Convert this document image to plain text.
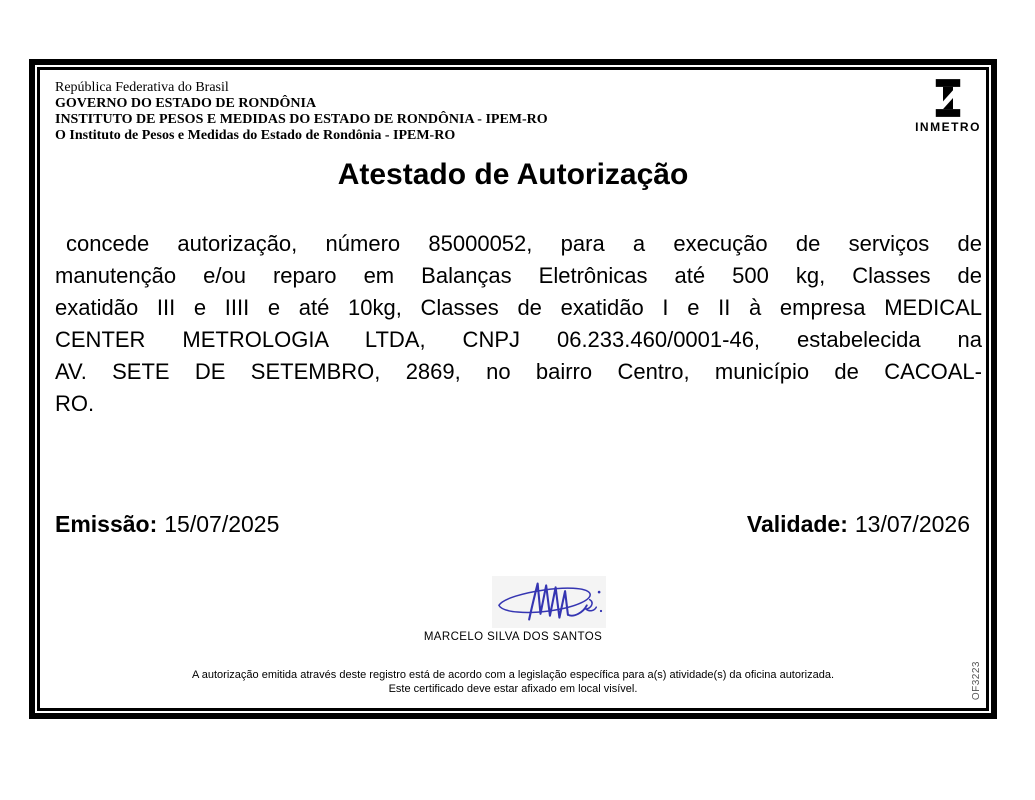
República Federativa do Brasil
GOVERNO DO ESTADO DE RONDÔNIA
INSTITUTO DE PESOS E MEDIDAS DO ESTADO DE RONDÔNIA - IPEM-RO
O Instituto de Pesos e Medidas do Estado de Rondônia - IPEM-RO
INMETRO
Atestado de Autorização
concede autorização, número 85000052, para a execução de serviços de
manutenção e/ou reparo em Balanças Eletrônicas até 500 kg, Classes de
exatidão III e IIII e até 10kg, Classes de exatidão I e II à empresa MEDICAL
CENTER METROLOGIA LTDA, CNPJ 06.233.460/0001-46, estabelecida na
AV. SETE DE SETEMBRO, 2869, no bairro Centro, município de CACOAL-
RO.
Emissão: 15/07/2025	Validade: 13/07/2026
MARCELO SILVA DOS SANTOS
A autorização emitida através deste registro está de acordo com a legislação específica para a(s) atividade(s) da oficina autorizada.
Este certificado deve estar afixado em local visível.	OF3223
